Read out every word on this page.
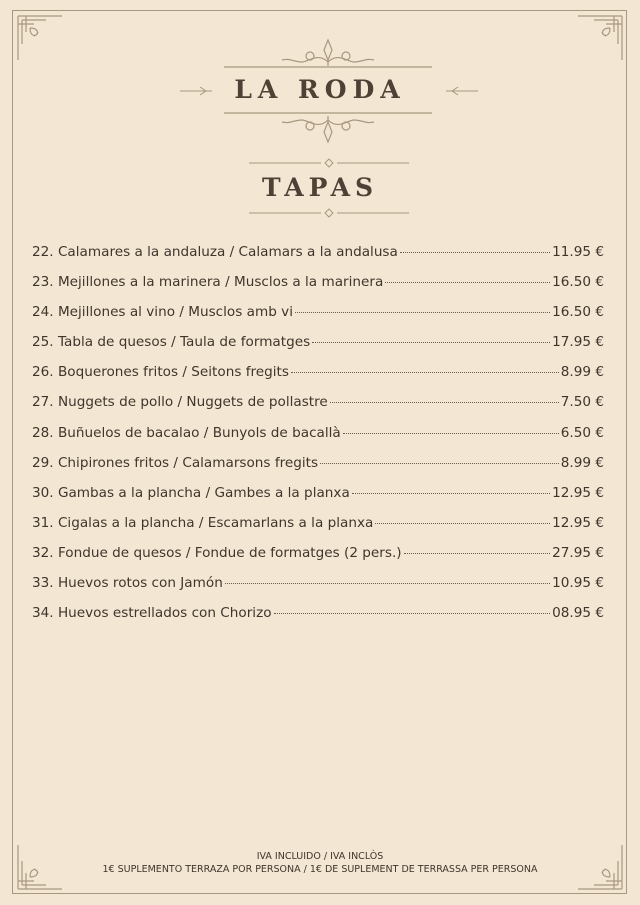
LA RODA
TAPAS
22. Calamares a la andaluza / Calamars a la andalusa	11.95 €
23. Mejillones a la marinera / Musclos a la marinera	16.50 €
24. Mejillones al vino / Musclos amb vi	16.50 €
25. Tabla de quesos / Taula de formatges	17.95 €
26. Boquerones fritos / Seitons fregits	8.99 €
27. Nuggets de pollo / Nuggets de pollastre	7.50 €
28. Buñuelos de bacalao / Bunyols de bacallà	6.50 €
29. Chipirones fritos / Calamarsons fregits	8.99 €
30. Gambas a la plancha / Gambes a la planxa	12.95 €
31. Cigalas a la plancha / Escamarlans a la planxa	12.95 €
32. Fondue de quesos / Fondue de formatges (2 pers.)	27.95 €
33. Huevos rotos con Jamón	10.95 €
34. Huevos estrellados con Chorizo	08.95 €
IVA INCLUIDO / IVA INCLÒS
1€ SUPLEMENTO TERRAZA POR PERSONA / 1€ DE SUPLEMENT DE TERRASSA PER PERSONA
